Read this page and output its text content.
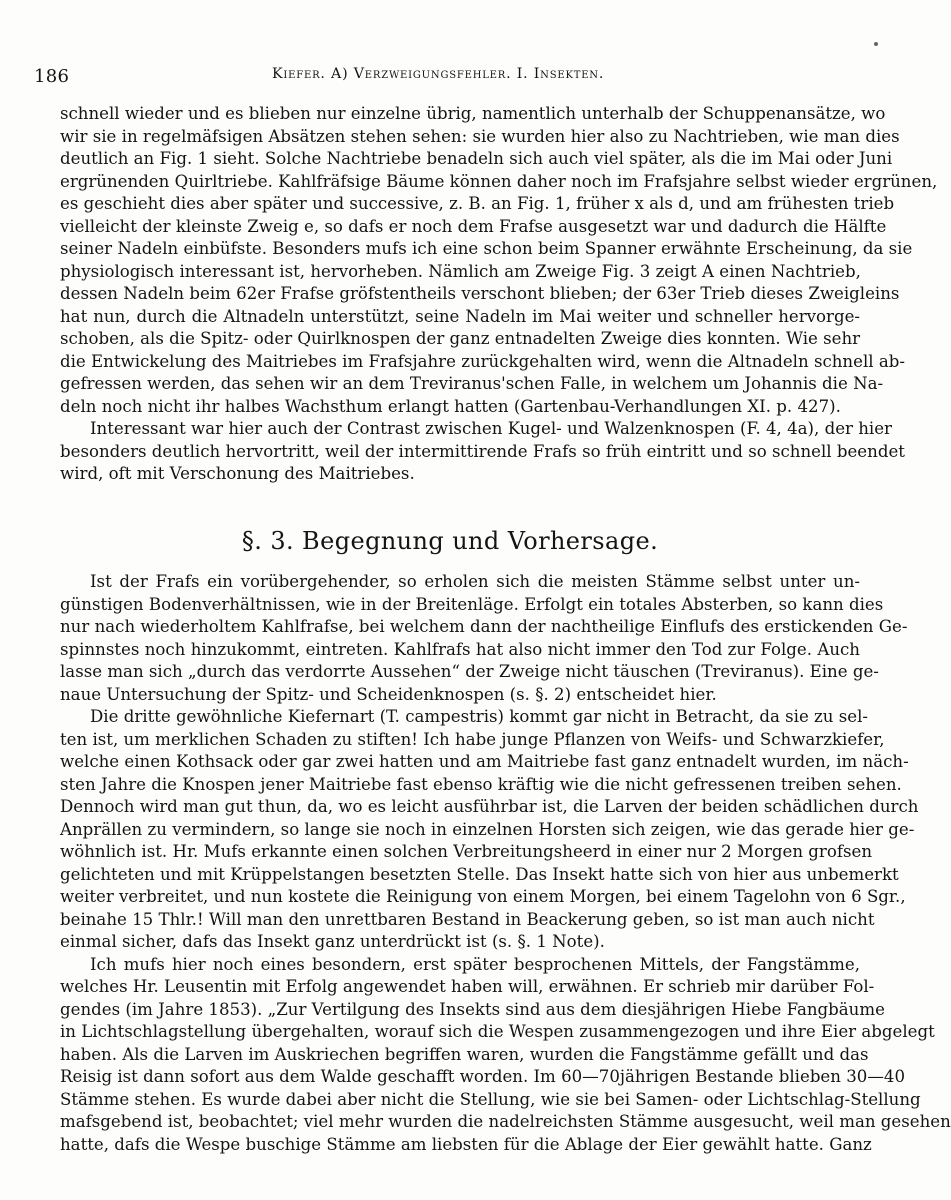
186	Kiefer. A) Verzweigungsfehler. I. Insekten.
schnell wieder und es blieben nur einzelne übrig, namentlich unterhalb der Schuppenansätze, wo
wir sie in regelmäfsigen Absätzen stehen sehen: sie wurden hier also zu Nachtrieben, wie man dies
deutlich an Fig. 1 sieht. Solche Nachtriebe benadeln sich auch viel später, als die im Mai oder Juni
ergrünenden Quirltriebe. Kahlfräfsige Bäume können daher noch im Frafsjahre selbst wieder ergrünen,
es geschieht dies aber später und successive, z. B. an Fig. 1, früher x als d, und am frühesten trieb
vielleicht der kleinste Zweig e, so dafs er noch dem Frafse ausgesetzt war und dadurch die Hälfte
seiner Nadeln einbüfste. Besonders mufs ich eine schon beim Spanner erwähnte Erscheinung, da sie
physiologisch interessant ist, hervorheben. Nämlich am Zweige Fig. 3 zeigt A einen Nachtrieb,
dessen Nadeln beim 62er Frafse gröfstentheils verschont blieben; der 63er Trieb dieses Zweigleins
hat nun, durch die Altnadeln unterstützt, seine Nadeln im Mai weiter und schneller hervorge-
schoben, als die Spitz- oder Quirlknospen der ganz entnadelten Zweige dies konnten. Wie sehr
die Entwickelung des Maitriebes im Frafsjahre zurückgehalten wird, wenn die Altnadeln schnell ab-
gefressen werden, das sehen wir an dem Treviranus'schen Falle, in welchem um Johannis die Na-
deln noch nicht ihr halbes Wachsthum erlangt hatten (Gartenbau-Verhandlungen XI. p. 427).
Interessant war hier auch der Contrast zwischen Kugel- und Walzenknospen (F. 4, 4a), der hier
besonders deutlich hervortritt, weil der intermittirende Frafs so früh eintritt und so schnell beendet
wird, oft mit Verschonung des Maitriebes.
§. 3. Begegnung und Vorhersage.
Ist der Frafs ein vorübergehender, so erholen sich die meisten Stämme selbst unter un-
günstigen Bodenverhältnissen, wie in der Breitenläge. Erfolgt ein totales Absterben, so kann dies
nur nach wiederholtem Kahlfrafse, bei welchem dann der nachtheilige Einflufs des erstickenden Ge-
spinnstes noch hinzukommt, eintreten. Kahlfrafs hat also nicht immer den Tod zur Folge. Auch
lasse man sich „durch das verdorrte Aussehen“ der Zweige nicht täuschen (Treviranus). Eine ge-
naue Untersuchung der Spitz- und Scheidenknospen (s. §. 2) entscheidet hier.
Die dritte gewöhnliche Kiefernart (T. campestris) kommt gar nicht in Betracht, da sie zu sel-
ten ist, um merklichen Schaden zu stiften! Ich habe junge Pflanzen von Weifs- und Schwarzkiefer,
welche einen Kothsack oder gar zwei hatten und am Maitriebe fast ganz entnadelt wurden, im näch-
sten Jahre die Knospen jener Maitriebe fast ebenso kräftig wie die nicht gefressenen treiben sehen.
Dennoch wird man gut thun, da, wo es leicht ausführbar ist, die Larven der beiden schädlichen durch
Anprällen zu vermindern, so lange sie noch in einzelnen Horsten sich zeigen, wie das gerade hier ge-
wöhnlich ist. Hr. Mufs erkannte einen solchen Verbreitungsheerd in einer nur 2 Morgen grofsen
gelichteten und mit Krüppelstangen besetzten Stelle. Das Insekt hatte sich von hier aus unbemerkt
weiter verbreitet, und nun kostete die Reinigung von einem Morgen, bei einem Tagelohn von 6 Sgr.,
beinahe 15 Thlr.! Will man den unrettbaren Bestand in Beackerung geben, so ist man auch nicht
einmal sicher, dafs das Insekt ganz unterdrückt ist (s. §. 1 Note).
Ich mufs hier noch eines besondern, erst später besprochenen Mittels, der Fangstämme,
welches Hr. Leusentin mit Erfolg angewendet haben will, erwähnen. Er schrieb mir darüber Fol-
gendes (im Jahre 1853). „Zur Vertilgung des Insekts sind aus dem diesjährigen Hiebe Fangbäume
in Lichtschlagstellung übergehalten, worauf sich die Wespen zusammengezogen und ihre Eier abgelegt
haben. Als die Larven im Auskriechen begriffen waren, wurden die Fangstämme gefällt und das
Reisig ist dann sofort aus dem Walde geschafft worden. Im 60—70jährigen Bestande blieben 30—40
Stämme stehen. Es wurde dabei aber nicht die Stellung, wie sie bei Samen- oder Lichtschlag-Stellung
mafsgebend ist, beobachtet; viel mehr wurden die nadelreichsten Stämme ausgesucht, weil man gesehen
hatte, dafs die Wespe buschige Stämme am liebsten für die Ablage der Eier gewählt hatte. Ganz
